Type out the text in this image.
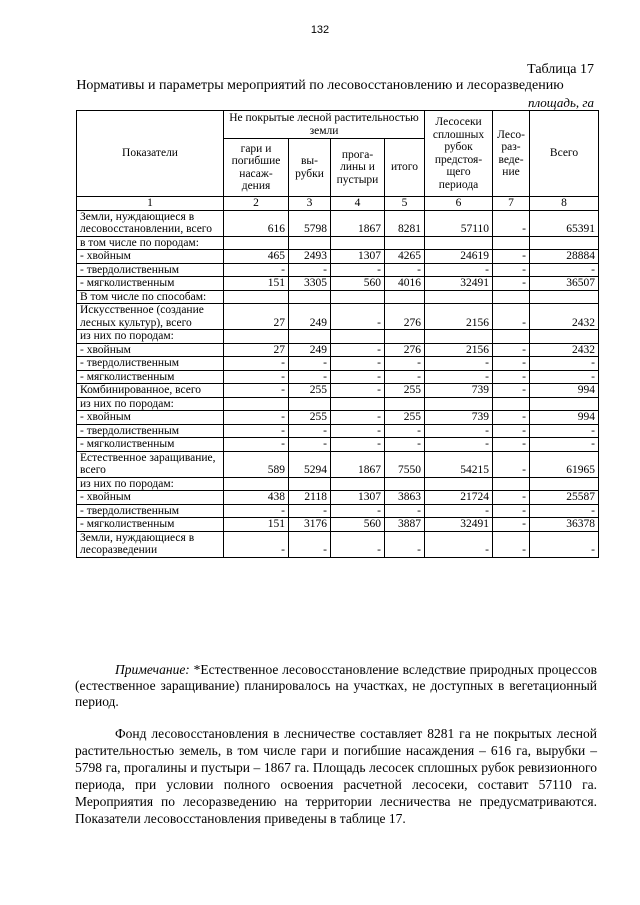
132
Таблица 17
Нормативы и параметры мероприятий по лесовосстановлению и лесоразведению
площадь, га
Показатели	Не покрытые лесной растительностью земли				Лесосеки сплошных рубок предстоя-щего периода	Лесо-раз-веде-ние	Всего
	гари и погибшие насаж-дения	вы-рубки	прога-лины и пустыри	итого			
1	2	3	4	5	6	7	8
Земли, нуждающиеся в лесовосстановлении, всего	616	5798	1867	8281	57110	-	65391
в том числе по породам:							
- хвойным	465	2493	1307	4265	24619	-	28884
- твердолиственным	-	-	-	-	-	-	-
- мягколиственным	151	3305	560	4016	32491	-	36507
В том числе по способам:							
Искусственное (создание лесных культур), всего	27	249	-	276	2156	-	2432
из них по породам:							
- хвойным	27	249	-	276	2156	-	2432
- твердолиственным	-	-	-	-	-	-	-
- мягколиственным	-	-	-	-	-	-	-
Комбинированное, всего	-	255	-	255	739	-	994
из них по породам:							
- хвойным	-	255	-	255	739	-	994
- твердолиственным	-	-	-	-	-	-	-
- мягколиственным	-	-	-	-	-	-	-
Естественное заращивание, всего	589	5294	1867	7550	54215	-	61965
из них по породам:							
- хвойным	438	2118	1307	3863	21724	-	25587
- твердолиственным	-	-	-	-	-	-	-
- мягколиственным	151	3176	560	3887	32491	-	36378
Земли, нуждающиеся в лесоразведении	-	-	-	-	-	-	-
Примечание: *Естественное лесовосстановление вследствие природных процессов (естественное заращивание) планировалось на участках, не доступных в вегетационный период.
Фонд лесовосстановления в лесничестве составляет 8281 га не покрытых лесной растительностью земель, в том числе гари и погибшие насаждения – 616 га, вырубки – 5798 га, прогалины и пустыри – 1867 га. Площадь лесосек сплошных рубок ревизионного периода, при условии полного освоения расчетной лесосеки, составит 57110 га. Мероприятия по лесоразведению на территории лесничества не предусматриваются. Показатели лесовосстановления приведены в таблице 17.
